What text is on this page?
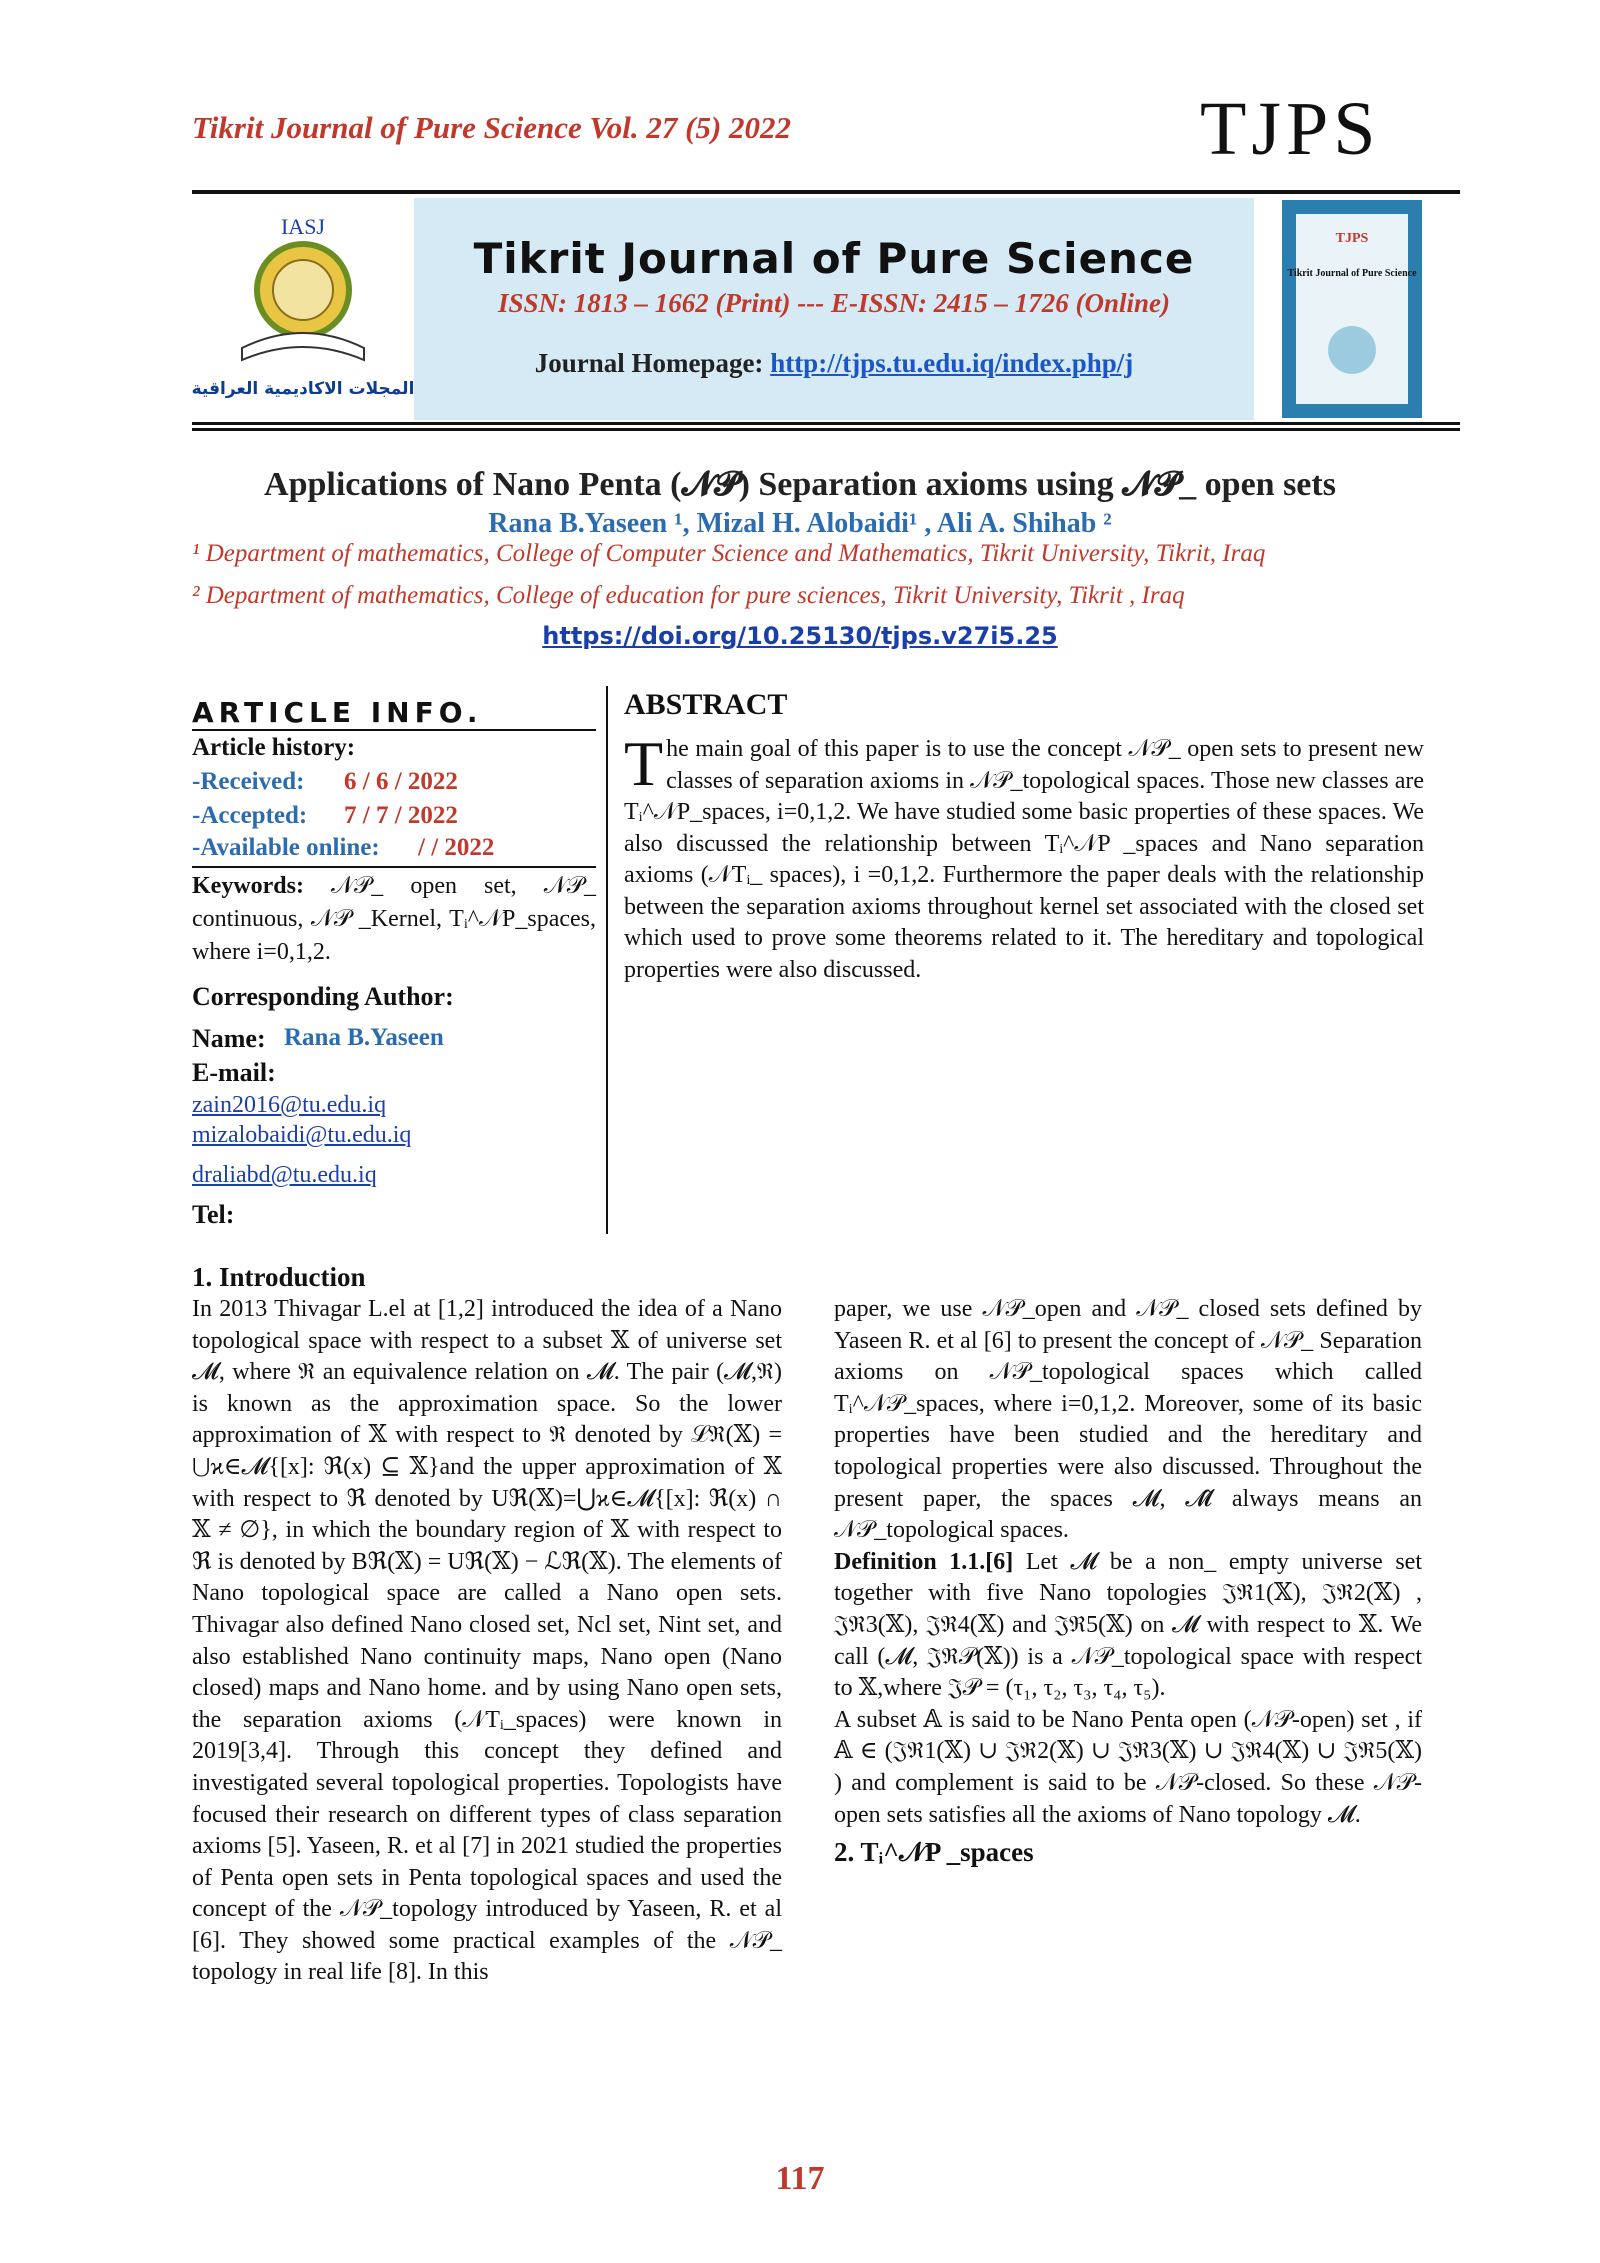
Tikrit Journal of Pure Science Vol. 27 (5) 2022	TJPS
IASJ
المجلات الاكاديمية العراقية
Tikrit Journal of Pure Science
ISSN: 1813 – 1662 (Print) --- E-ISSN: 2415 – 1726 (Online)
Journal Homepage: http://tjps.tu.edu.iq/index.php/j
TJPS
Tikrit Journal of Pure Science
Applications of Nano Penta (𝓝𝓟) Separation axioms using 𝓝𝓟_ open sets
Rana B.Yaseen ¹, Mizal H. Alobaidi¹ , Ali A. Shihab ²
¹ Department of mathematics, College of Computer Science and Mathematics, Tikrit University, Tikrit, Iraq
² Department of mathematics, College of education for pure sciences, Tikrit University, Tikrit , Iraq
https://doi.org/10.25130/tjps.v27i5.25
ARTICLE INFO.
Article history:
-Received: 6 / 6 / 2022
-Accepted: 7 / 7 / 2022
-Available online: / / 2022
Keywords: 𝒩𝒫_ open set, 𝒩𝒫_ continuous, 𝒩𝒫 _Kernel, Tᵢ^𝒩P_spaces, where i=0,1,2.
Corresponding Author:
Name: Rana B.Yaseen
E-mail:
zain2016@tu.edu.iq
mizalobaidi@tu.edu.iq
draliabd@tu.edu.iq
Tel:
ABSTRACT
The main goal of this paper is to use the concept 𝒩𝒫_ open sets to present new classes of separation axioms in 𝒩𝒫_topological spaces. Those new classes are Tᵢ^𝒩P_spaces, i=0,1,2. We have studied some basic properties of these spaces. We also discussed the relationship between Tᵢ^𝒩P _spaces and Nano separation axioms (𝒩Tᵢ_ spaces), i =0,1,2. Furthermore the paper deals with the relationship between the separation axioms throughout kernel set associated with the closed set which used to prove some theorems related to it. The hereditary and topological properties were also discussed.
1. Introduction
In 2013 Thivagar L.el at [1,2] introduced the idea of a Nano topological space with respect to a subset 𝕏 of universe set 𝓜, where ℜ an equivalence relation on 𝓜. The pair (𝓜,ℜ) is known as the approximation space. So the lower approximation of 𝕏 with respect to ℜ denoted by ℒℜ(𝕏) = ⋃ϰ∈𝓜{[x]: ℜ(x) ⊆ 𝕏}and the upper approximation of 𝕏 with respect to ℜ denoted by Uℜ(𝕏)=⋃ϰ∈𝓜{[x]: ℜ(x) ∩ 𝕏 ≠ ∅}, in which the boundary region of 𝕏 with respect to ℜ is denoted by Bℜ(𝕏) = Uℜ(𝕏) − ℒℜ(𝕏). The elements of Nano topological space are called a Nano open sets. Thivagar also defined Nano closed set, Ncl set, Nint set, and also established Nano continuity maps, Nano open (Nano closed) maps and Nano home. and by using Nano open sets, the separation axioms (𝒩Tᵢ_spaces) were known in 2019[3,4]. Through this concept they defined and investigated several topological properties. Topologists have focused their research on different types of class separation axioms [5]. Yaseen, R. et al [7] in 2021 studied the properties of Penta open sets in Penta topological spaces and used the concept of the 𝒩𝒫_topology introduced by Yaseen, R. et al [6]. They showed some practical examples of the 𝒩𝒫_ topology in real life [8]. In this
paper, we use 𝒩𝒫_open and 𝒩𝒫_ closed sets defined by Yaseen R. et al [6] to present the concept of 𝒩𝒫_ Separation axioms on 𝒩𝒫_topological spaces which called Tᵢ^𝒩𝒫_spaces, where i=0,1,2. Moreover, some of its basic properties have been studied and the hereditary and topological properties were also discussed. Throughout the present paper, the spaces 𝓜, 𝓜̂ always means an 𝒩𝒫_topological spaces.
Definition 1.1.[6] Let 𝓜 be a non_ empty universe set together with five Nano topologies 𝔍ℜ1(𝕏), 𝔍ℜ2(𝕏) , 𝔍ℜ3(𝕏), 𝔍ℜ4(𝕏) and 𝔍ℜ5(𝕏) on 𝓜 with respect to 𝕏. We call (𝓜, 𝔍ℜ𝒫(𝕏)) is a 𝒩𝒫_topological space with respect to 𝕏,where 𝔍𝒫 = (τ₁, τ₂, τ₃, τ₄, τ₅).
A subset 𝔸 is said to be Nano Penta open (𝒩𝒫-open) set , if 𝔸 ∈ (𝔍ℜ1(𝕏) ∪ 𝔍ℜ2(𝕏) ∪ 𝔍ℜ3(𝕏) ∪ 𝔍ℜ4(𝕏) ∪ 𝔍ℜ5(𝕏) ) and complement is said to be 𝒩𝒫-closed. So these 𝒩𝒫-open sets satisfies all the axioms of Nano topology 𝓜.
2. Tᵢ^𝒩P _spaces
117
